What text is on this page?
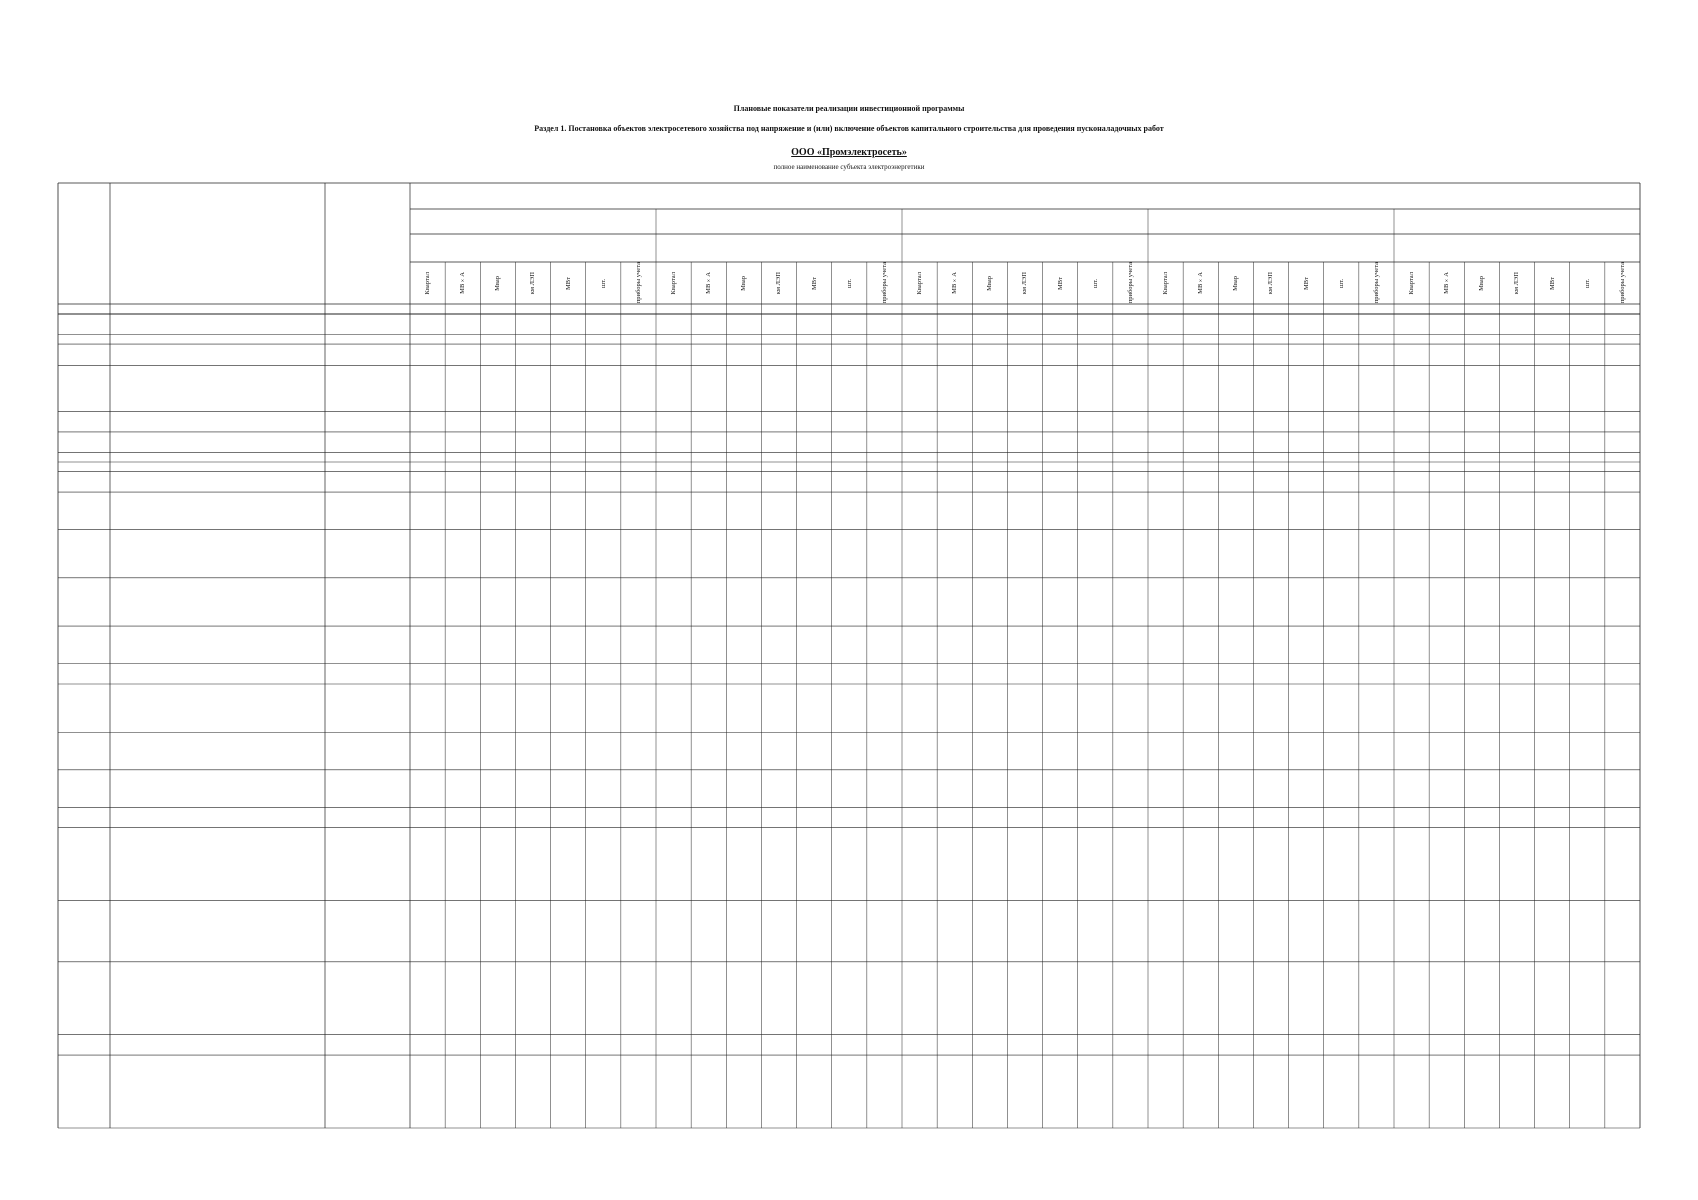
Плановые показатели реализации инвестиционной программы
Раздел 1. Постановка объектов электросетевого хозяйства под напряжение и (или) включение объектов капитального строительства для проведения пусконаладочных работ
ООО «Промэлектросеть»
полное наименование субъекта электроэнергетики
Квартал	МВ×А	Мвар	км ЛЭП	МВт	шт.	приборы учета	Квартал	МВ×А	Мвар	км ЛЭП	МВт	шт.	приборы учета	Квартал	МВ×А	Мвар	км ЛЭП	МВт	шт.	приборы учета	Квартал	МВ×А	Мвар	км ЛЭП	МВт	шт.	приборы учета	Квартал	МВ×А	Мвар	км ЛЭП	МВт	шт.	приборы учета
